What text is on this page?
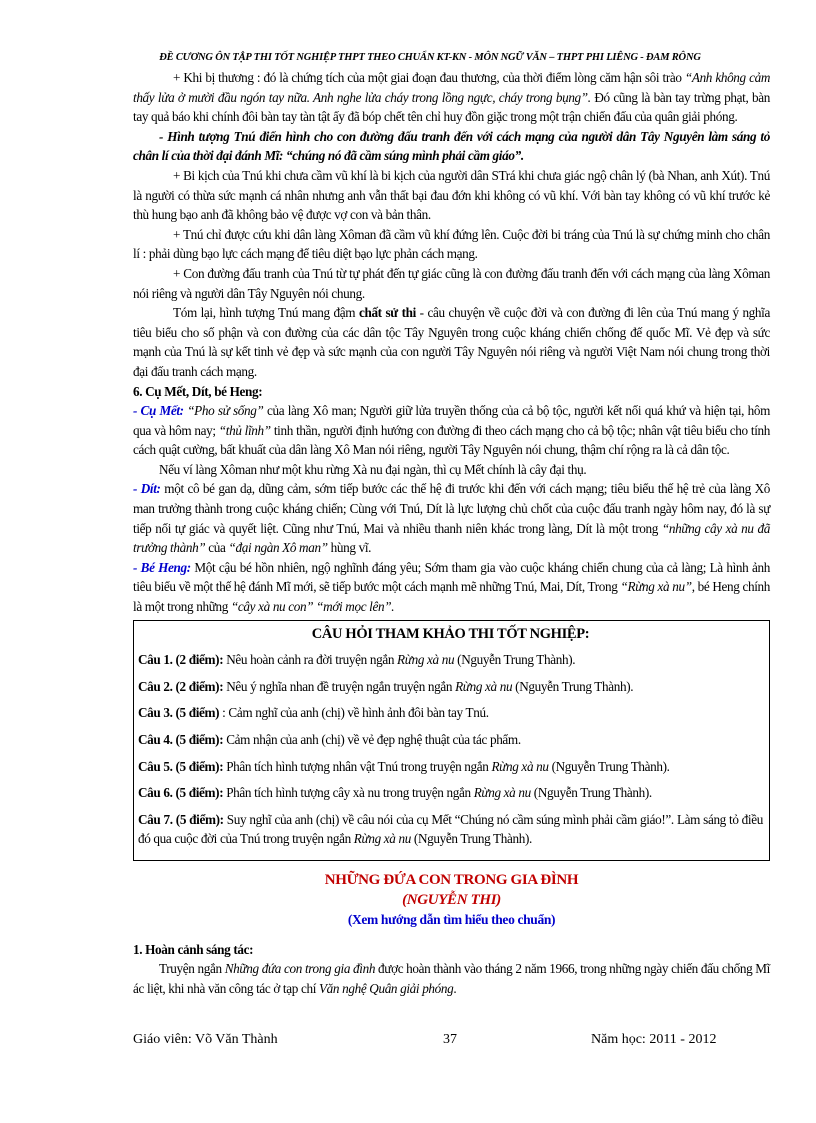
ĐỀ CƯƠNG ÔN TẬP THI TỐT NGHIỆP THPT THEO CHUẨN KT-KN - MÔN NGỮ VĂN – THPT PHI LIÊNG - ĐAM RÔNG

+ Khi bị thương : đó là chứng tích của một giai đoạn đau thương, của thời điểm lòng căm hận sôi trào “Anh không cảm thấy lửa ở mười đầu ngón tay nữa. Anh nghe lửa cháy trong lồng ngực, cháy trong bụng”. Đó cũng là bàn tay trừng phạt, bàn tay quả báo khi chính đôi bàn tay tàn tật ấy đã bóp chết tên chỉ huy đồn giặc trong một trận chiến đấu của quân giải phóng.

- Hình tượng Tnú điển hình cho con đường đấu tranh đến với cách mạng của người dân Tây Nguyên làm sáng tỏ chân lí của thời đại đánh Mĩ: “chúng nó đã cầm súng mình phải cầm giáo”.

+ Bi kịch của Tnú khi chưa cầm vũ khí là bi kịch của người dân STrá khi chưa giác ngộ chân lý (bà Nhan, anh Xút). Tnú là người có thừa sức mạnh cá nhân nhưng anh vẫn thất bại đau đớn khi không có vũ khí. Với bàn tay không có vũ khí trước kẻ thù hung bạo anh đã không bảo vệ được vợ con và bản thân.

+ Tnú chỉ được cứu khi dân làng Xôman đã cầm vũ khí đứng lên. Cuộc đời bi tráng của Tnú là sự chứng minh cho chân lí : phải dùng bạo lực cách mạng để tiêu diệt bạo lực phản cách mạng.

+ Con đường đấu tranh của Tnú từ tự phát đến tự giác cũng là con đường đấu tranh đến với cách mạng của làng Xôman nói riêng và người dân Tây Nguyên nói chung.

Tóm lại, hình tượng Tnú mang đậm chất sử thi - câu chuyện về cuộc đời và con đường đi lên của Tnú mang ý nghĩa tiêu biểu cho số phận và con đường của các dân tộc Tây Nguyên trong cuộc kháng chiến chống đế quốc Mĩ. Vẻ đẹp và sức mạnh của Tnú là sự kết tinh vẻ đẹp và sức mạnh của con người Tây Nguyên nói riêng và người Việt Nam nói chung trong thời đại đấu tranh cách mạng.

6. Cụ Mết, Dít, bé Heng:

- Cụ Mết: “Pho sử sống” của làng Xô man; Người giữ lửa truyền thống của cả bộ tộc, người kết nối quá khứ và hiện tại, hôm qua và hôm nay; “thủ lĩnh” tinh thần, người định hướng con đường đi theo cách mạng cho cả bộ tộc; nhân vật tiêu biểu cho tính cách quật cường, bất khuất của dân làng Xô Man nói riêng, người Tây Nguyên nói chung, thậm chí rộng ra là cả dân tộc.

Nếu ví làng Xôman như một khu rừng Xà nu đại ngàn, thì cụ Mết chính là cây đại thụ.

- Dít: một cô bé gan dạ, dũng cảm, sớm tiếp bước các thế hệ đi trước khi đến với cách mạng; tiêu biểu thế hệ trẻ của làng Xô man trưởng thành trong cuộc kháng chiến; Cùng với Tnú, Dít là lực lượng chủ chốt của cuộc đấu tranh ngày hôm nay, đó là sự tiếp nối tự giác và quyết liệt. Cũng như Tnú, Mai và nhiều thanh niên khác trong làng, Dít là một trong “những cây xà nu đã trưởng thành” của “đại ngàn Xô man” hùng vĩ.

- Bé Heng: Một cậu bé hồn nhiên, ngộ nghĩnh đáng yêu; Sớm tham gia vào cuộc kháng chiến chung của cả làng; Là hình ảnh tiêu biểu về một thế hệ đánh Mĩ mới, sẽ tiếp bước một cách mạnh mẽ những Tnú, Mai, Dít, Trong “Rừng xà nu”, bé Heng chính là một trong những “cây xà nu con” “mới mọc lên”.

CÂU HỎI THAM KHẢO THI TỐT NGHIỆP:
Câu 1. (2 điểm): Nêu hoàn cảnh ra đời truyện ngắn Rừng xà nu (Nguyễn Trung Thành).
Câu 2. (2 điểm): Nêu ý nghĩa nhan đề truyện ngắn truyện ngắn Rừng xà nu (Nguyễn Trung Thành).
Câu 3. (5 điểm) : Cảm nghĩ của anh (chị) về hình ảnh đôi bàn tay Tnú.
Câu 4. (5 điểm): Cảm nhận của anh (chị) về vẻ đẹp nghệ thuật của tác phẩm.
Câu 5. (5 điểm): Phân tích hình tượng nhân vật Tnú trong truyện ngắn Rừng xà nu (Nguyễn Trung Thành).
Câu 6. (5 điểm): Phân tích hình tượng cây xà nu trong truyện ngắn Rừng xà nu (Nguyễn Trung Thành).
Câu 7. (5 điểm): Suy nghĩ của anh (chị) về câu nói của cụ Mết “Chúng nó cầm súng mình phải cầm giáo!”. Làm sáng tỏ điều đó qua cuộc đời của Tnú trong truyện ngắn Rừng xà nu (Nguyễn Trung Thành).
NHỮNG ĐỨA CON TRONG GIA ĐÌNH
(NGUYỄN THI)
(Xem hướng dẫn tìm hiểu theo chuẩn)

1. Hoàn cảnh sáng tác:

Truyện ngắn Những đứa con trong gia đình được hoàn thành vào tháng 2 năm 1966, trong những ngày chiến đấu chống Mĩ ác liệt, khi nhà văn công tác ở tạp chí Văn nghệ Quân giải phóng.

Giáo viên: Võ Văn Thành	37	Năm học: 2011 - 2012
